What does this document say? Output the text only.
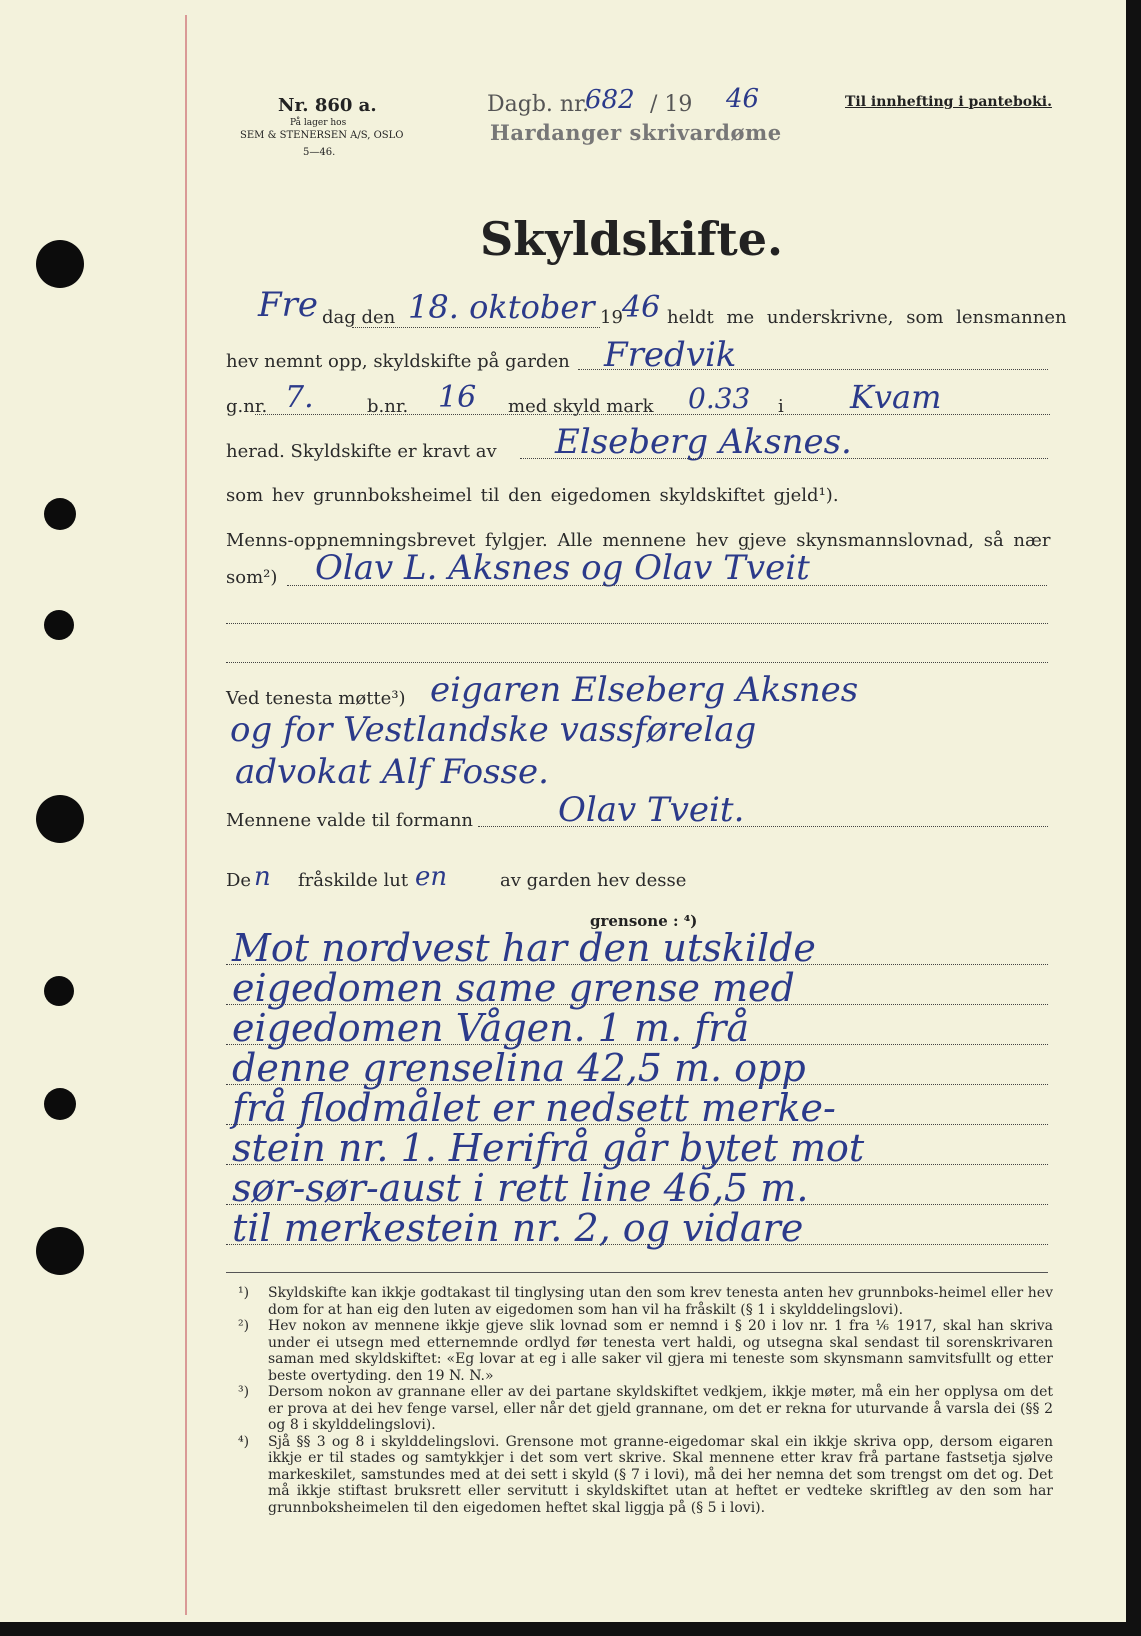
Nr. 860 a.
På lager hos
SEM & STENERSEN A/S, OSLO
5—46.
Dagb. nr.
682 / 19 46
Hardanger skrivardøme
Til innhefting i panteboki.
Skyldskifte.
Fre dag den 18. oktober 19 46 heldt me underskrivne, som lensmannen
hev nemnt opp, skyldskifte på garden Fredvik
g.nr. 7.	b.nr. 16 med skyld mark 0.33 i Kvam
herad. Skyldskifte er kravt av Elseberg Aksnes.
som hev grunnboksheimel til den eigedomen skyldskiftet gjeld¹).
Menns-oppnemningsbrevet fylgjer. Alle mennene hev gjeve skynsmannslovnad, så nær
som²) Olav L. Aksnes og Olav Tveit
Ved tenesta møtte³) eigaren Elseberg Aksnes
og for Vestlandske vassførelag
advokat Alf Fosse.
Mennene valde til formann	Olav Tveit.
De n fråskilde lut en	av garden hev desse
grensone : ⁴)
Mot nordvest har den utskilde
eigedomen same grense med
eigedomen Vågen. 1 m. frå
denne grenselina 42,5 m. opp
frå flodmålet er nedsett merke-
stein nr. 1. Herifrå går bytet mot
sør-sør-aust i rett line 46,5 m.
til merkestein nr. 2, og vidare
¹)	Skyldskifte kan ikkje godtakast til tinglysing utan den som krev tenesta anten hev grunnboks-heimel eller hev dom for at han eig den luten av eigedomen som han vil ha fråskilt (§ 1 i skylddelingslovi).
²)	Hev nokon av mennene ikkje gjeve slik lovnad som er nemnd i § 20 i lov nr. 1 fra ⅙ 1917, skal han skriva under ei utsegn med etternemnde ordlyd før tenesta vert haldi, og utsegna skal sendast til sorenskrivaren saman med skyldskiftet: «Eg lovar at eg i alle saker vil gjera mi teneste som skynsmann samvitsfullt og etter beste overtyding. den 19 N. N.»
³)	Dersom nokon av grannane eller av dei partane skyldskiftet vedkjem, ikkje møter, må ein her opplysa om det er prova at dei hev fenge varsel, eller når det gjeld grannane, om det er rekna for uturvande å varsla dei (§§ 2 og 8 i skylddelingslovi).
⁴)	Sjå §§ 3 og 8 i skylddelingslovi. Grensone mot granne-eigedomar skal ein ikkje skriva opp, dersom eigaren ikkje er til stades og samtykkjer i det som vert skrive. Skal mennene etter krav frå partane fastsetja sjølve markeskilet, samstundes med at dei sett i skyld (§ 7 i lovi), må dei her nemna det som trengst om det og. Det må ikkje stiftast bruksrett eller servitutt i skyldskiftet utan at heftet er vedteke skriftleg av den som har grunnboksheimelen til den eigedomen heftet skal liggja på (§ 5 i lovi).
